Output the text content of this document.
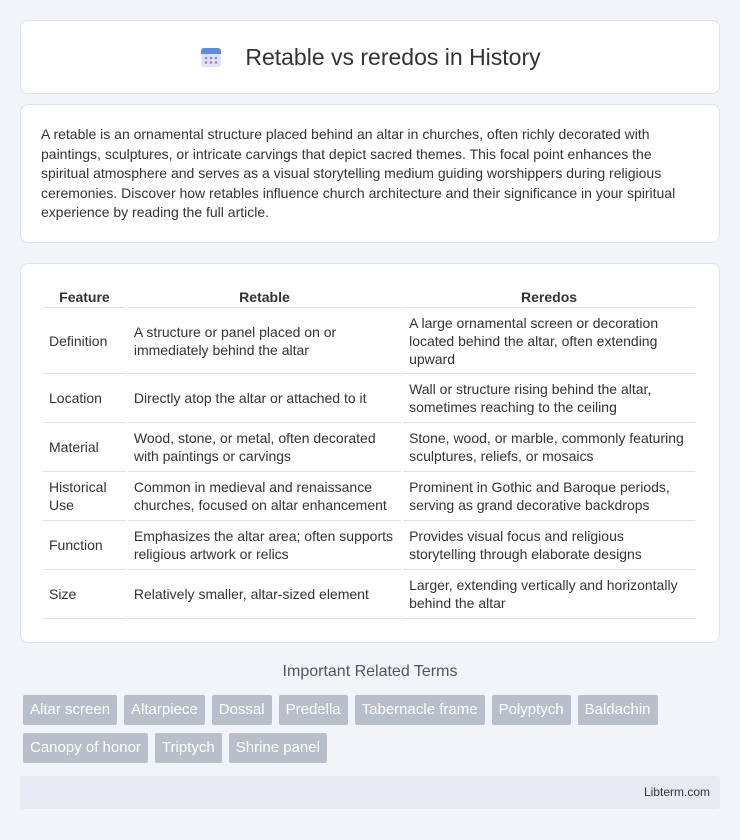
Retable vs reredos in History

A retable is an ornamental structure placed behind an altar in churches, often richly decorated with paintings, sculptures, or intricate carvings that depict sacred themes. This focal point enhances the spiritual atmosphere and serves as a visual storytelling medium guiding worshippers during religious ceremonies. Discover how retables influence church architecture and their significance in your spiritual experience by reading the full article.

Feature	Retable	Reredos
Definition	A structure or panel placed on or immediately behind the altar	A large ornamental screen or decoration located behind the altar, often extending upward
Location	Directly atop the altar or attached to it	Wall or structure rising behind the altar, sometimes reaching to the ceiling
Material	Wood, stone, or metal, often decorated with paintings or carvings	Stone, wood, or marble, commonly featuring sculptures, reliefs, or mosaics
Historical Use	Common in medieval and renaissance churches, focused on altar enhancement	Prominent in Gothic and Baroque periods, serving as grand decorative backdrops
Function	Emphasizes the altar area; often supports religious artwork or relics	Provides visual focus and religious storytelling through elaborate designs
Size	Relatively smaller, altar-sized element	Larger, extending vertically and horizontally behind the altar
Important Related Terms
Altar screen	Altarpiece	Dossal	Predella	Tabernacle frame	Polyptych	Baldachin
Canopy of honor	Triptych	Shrine panel
Libterm.com
